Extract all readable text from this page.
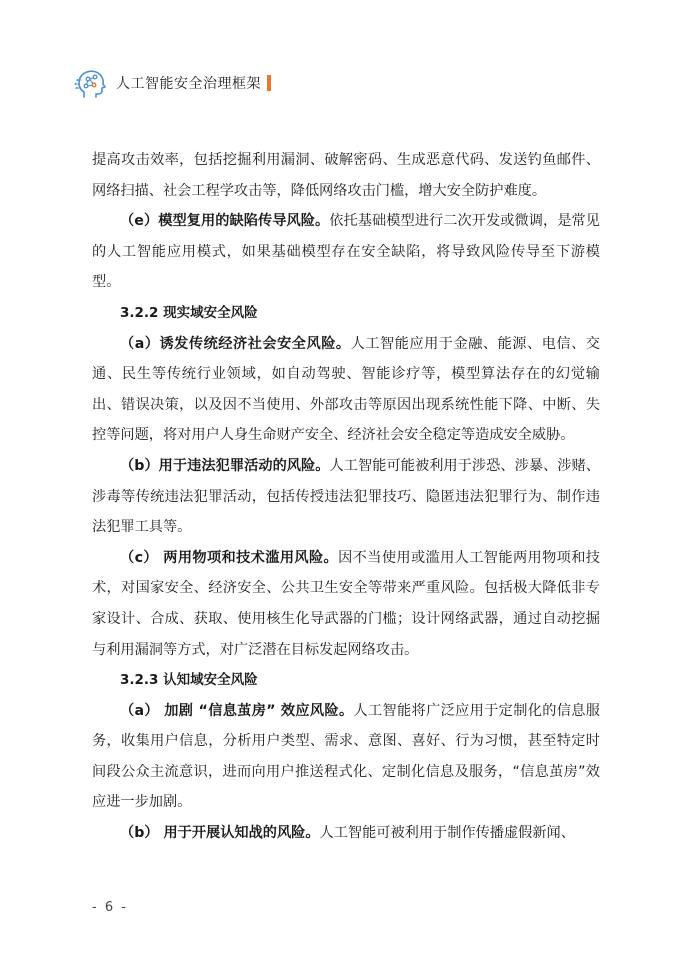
人工智能安全治理框架

提高攻击效率，包括挖掘利用漏洞、破解密码、生成恶意代码、发送钓鱼邮件、网络扫描、社会工程学攻击等，降低网络攻击门槛，增大安全防护难度。

（e）模型复用的缺陷传导风险。依托基础模型进行二次开发或微调，是常见的人工智能应用模式，如果基础模型存在安全缺陷，将导致风险传导至下游模型。

3.2.2 现实域安全风险

（a）诱发传统经济社会安全风险。人工智能应用于金融、能源、电信、交通、民生等传统行业领域，如自动驾驶、智能诊疗等，模型算法存在的幻觉输出、错误决策，以及因不当使用、外部攻击等原因出现系统性能下降、中断、失控等问题，将对用户人身生命财产安全、经济社会安全稳定等造成安全威胁。

（b）用于违法犯罪活动的风险。人工智能可能被利用于涉恐、涉暴、涉赌、涉毒等传统违法犯罪活动，包括传授违法犯罪技巧、隐匿违法犯罪行为、制作违法犯罪工具等。

（c） 两用物项和技术滥用风险。因不当使用或滥用人工智能两用物项和技术，对国家安全、经济安全、公共卫生安全等带来严重风险。包括极大降低非专家设计、合成、获取、使用核生化导武器的门槛；设计网络武器，通过自动挖掘与利用漏洞等方式，对广泛潜在目标发起网络攻击。

3.2.3 认知域安全风险

（a） 加剧 “信息茧房” 效应风险。人工智能将广泛应用于定制化的信息服务，收集用户信息，分析用户类型、需求、意图、喜好、行为习惯，甚至特定时间段公众主流意识，进而向用户推送程式化、定制化信息及服务，“信息茧房”效应进一步加剧。

（b） 用于开展认知战的风险。人工智能可被利用于制作传播虚假新闻、

- 6 -
